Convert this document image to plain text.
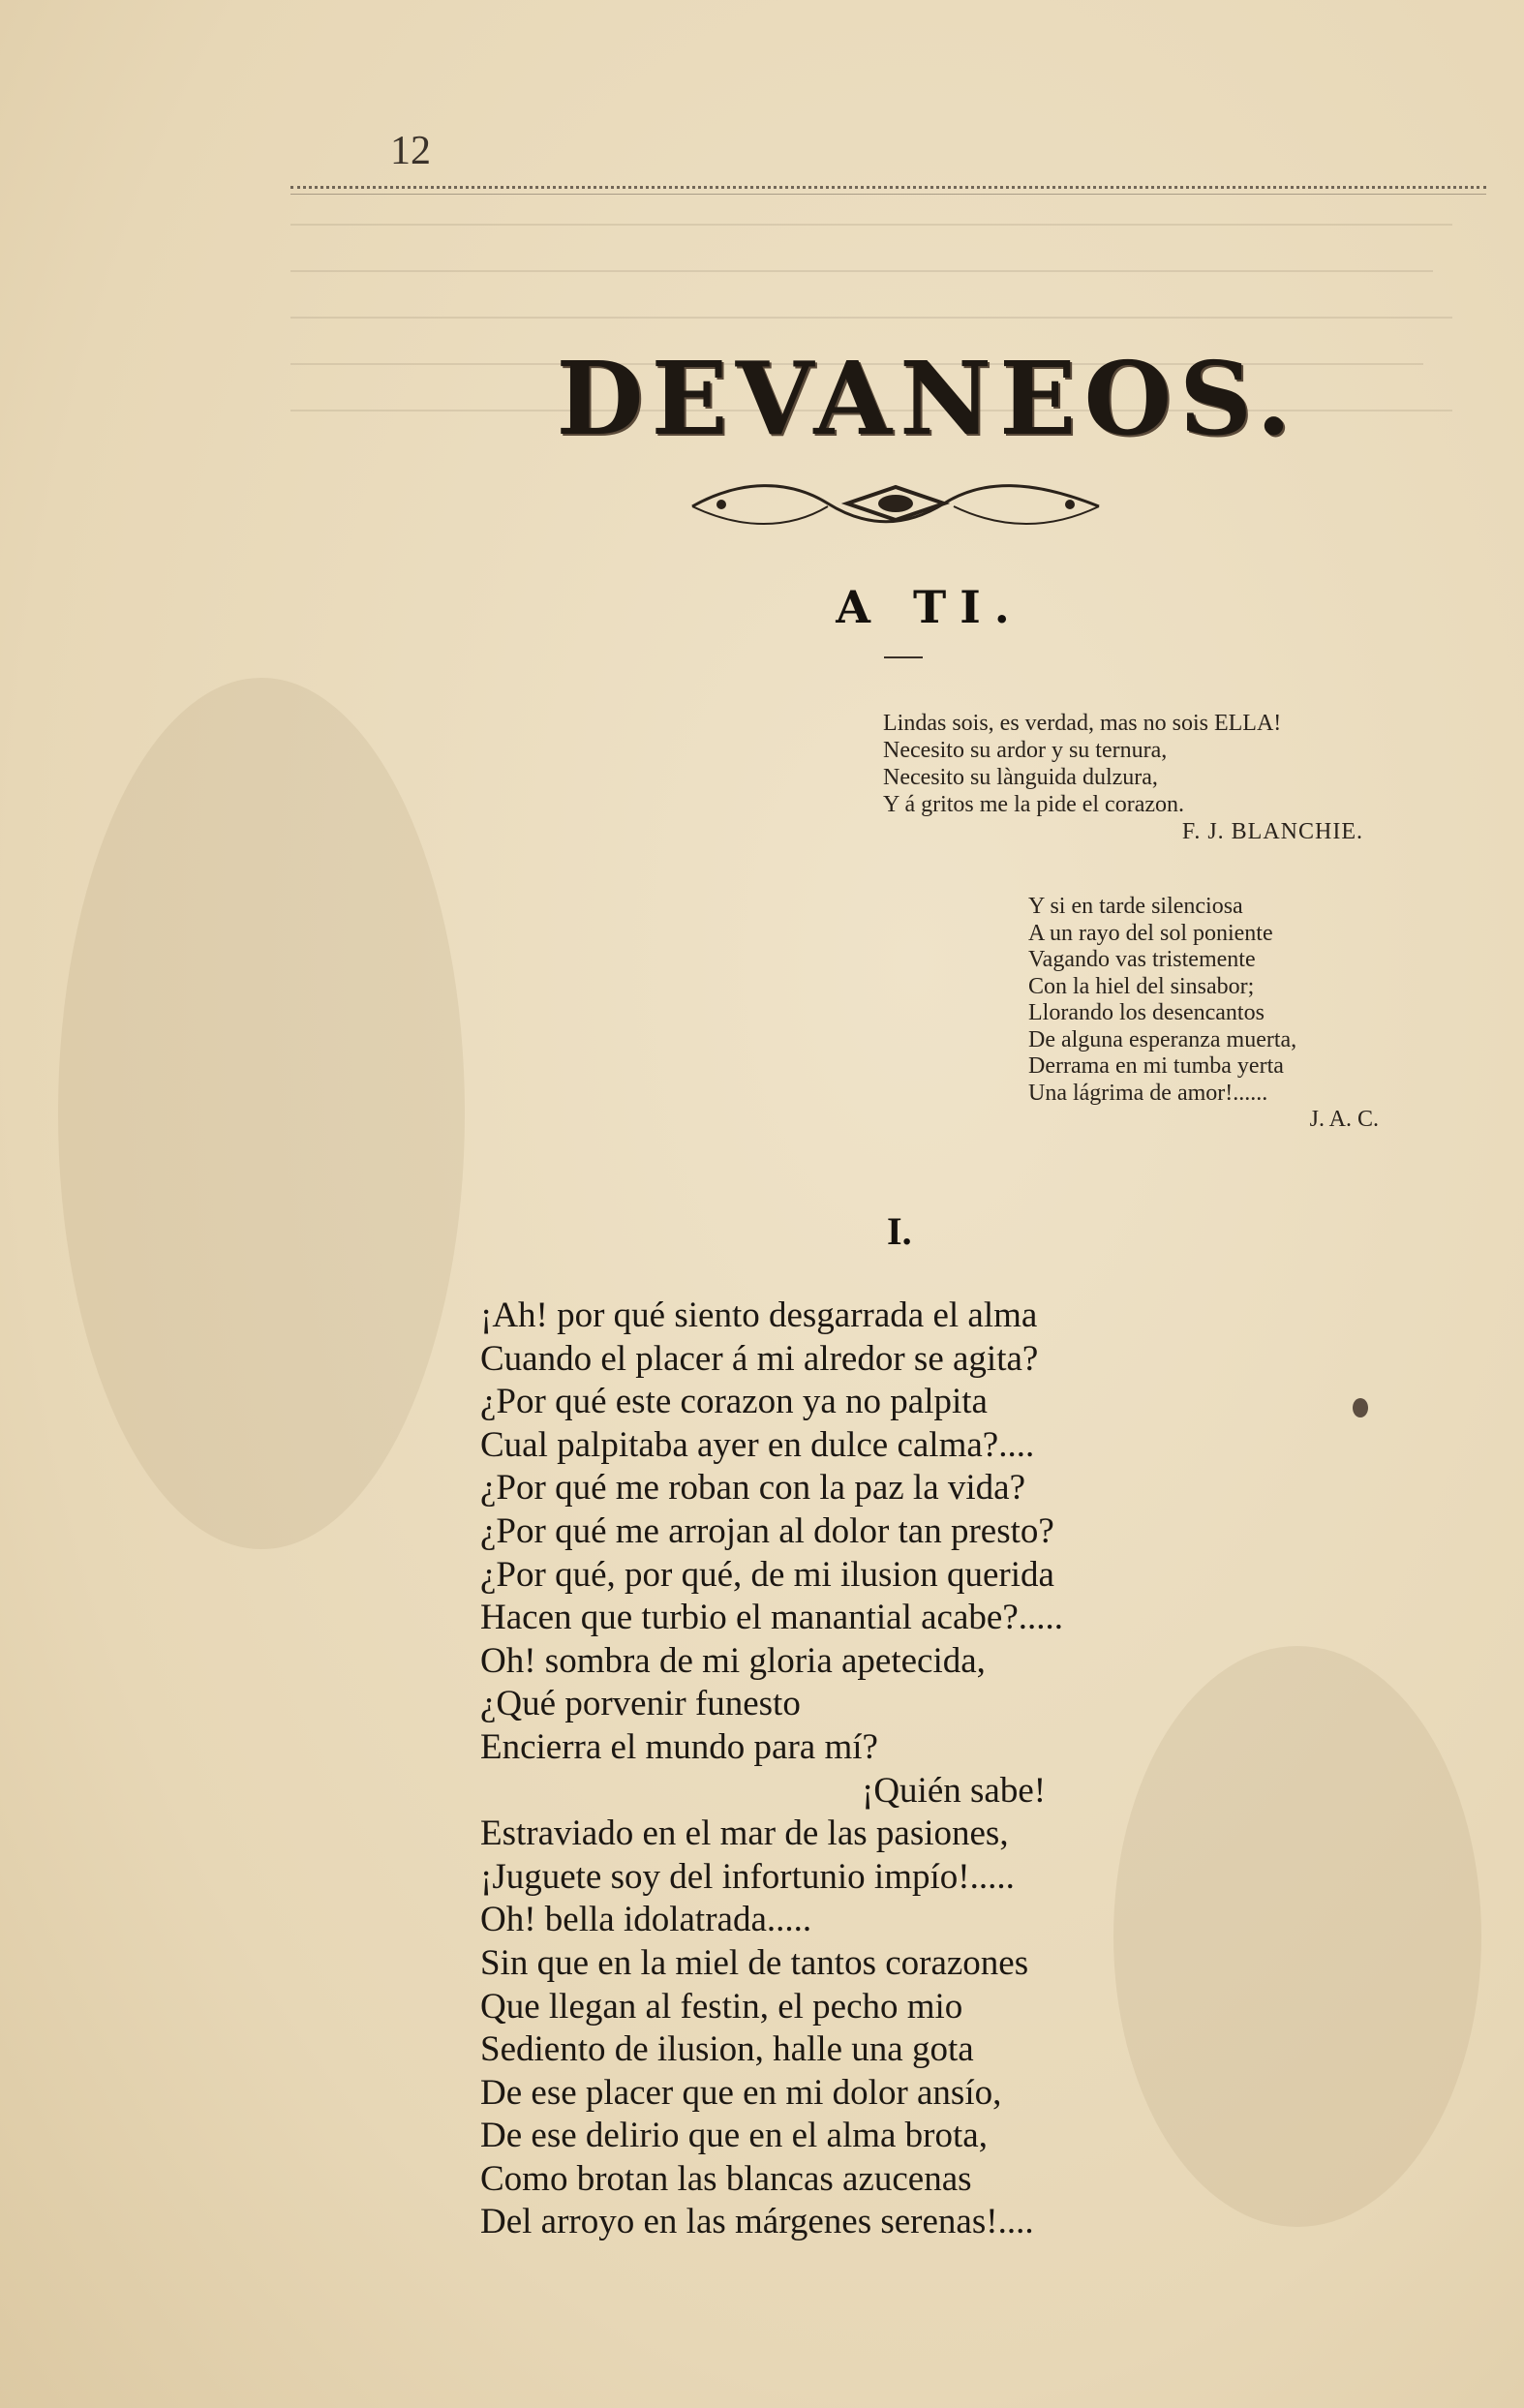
12
DEVANEOS.
A TI.
Lindas sois, es verdad, mas no sois ELLA!
Necesito su ardor y su ternura,
Necesito su lànguida dulzura,
Y á gritos me la pide el corazon.
F. J. BLANCHIE.
Y si en tarde silenciosa
A un rayo del sol poniente
Vagando vas tristemente
Con la hiel del sinsabor;
Llorando los desencantos
De alguna esperanza muerta,
Derrama en mi tumba yerta
Una lágrima de amor!......
J. A. C.
I.
¡Ah! por qué siento desgarrada el alma
Cuando el placer á mi alredor se agita?
¿Por qué este corazon ya no palpita
Cual palpitaba ayer en dulce calma?....
¿Por qué me roban con la paz la vida?
¿Por qué me arrojan al dolor tan presto?
¿Por qué, por qué, de mi ilusion querida
Hacen que turbio el manantial acabe?.....
Oh! sombra de mi gloria apetecida,
¿Qué porvenir funesto
Encierra el mundo para mí?
¡Quién sabe!
Estraviado en el mar de las pasiones,
¡Juguete soy del infortunio impío!.....
Oh! bella idolatrada.....
Sin que en la miel de tantos corazones
Que llegan al festin, el pecho mio
Sediento de ilusion, halle una gota
De ese placer que en mi dolor ansío,
De ese delirio que en el alma brota,
Como brotan las blancas azucenas
Del arroyo en las márgenes serenas!....
